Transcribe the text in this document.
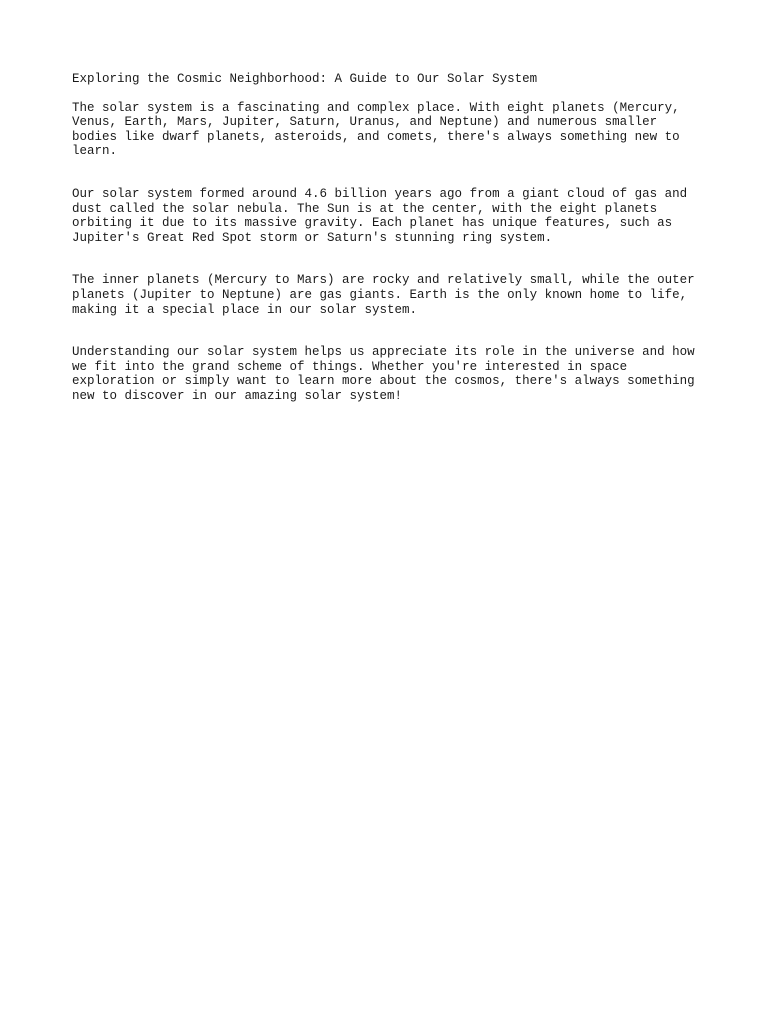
Exploring the Cosmic Neighborhood: A Guide to Our Solar System

The solar system is a fascinating and complex place. With eight planets (Mercury,
Venus, Earth, Mars, Jupiter, Saturn, Uranus, and Neptune) and numerous smaller
bodies like dwarf planets, asteroids, and comets, there's always something new to
learn.

Our solar system formed around 4.6 billion years ago from a giant cloud of gas and
dust called the solar nebula. The Sun is at the center, with the eight planets
orbiting it due to its massive gravity. Each planet has unique features, such as
Jupiter's Great Red Spot storm or Saturn's stunning ring system.

The inner planets (Mercury to Mars) are rocky and relatively small, while the outer
planets (Jupiter to Neptune) are gas giants. Earth is the only known home to life,
making it a special place in our solar system.

Understanding our solar system helps us appreciate its role in the universe and how
we fit into the grand scheme of things. Whether you're interested in space
exploration or simply want to learn more about the cosmos, there's always something
new to discover in our amazing solar system!
